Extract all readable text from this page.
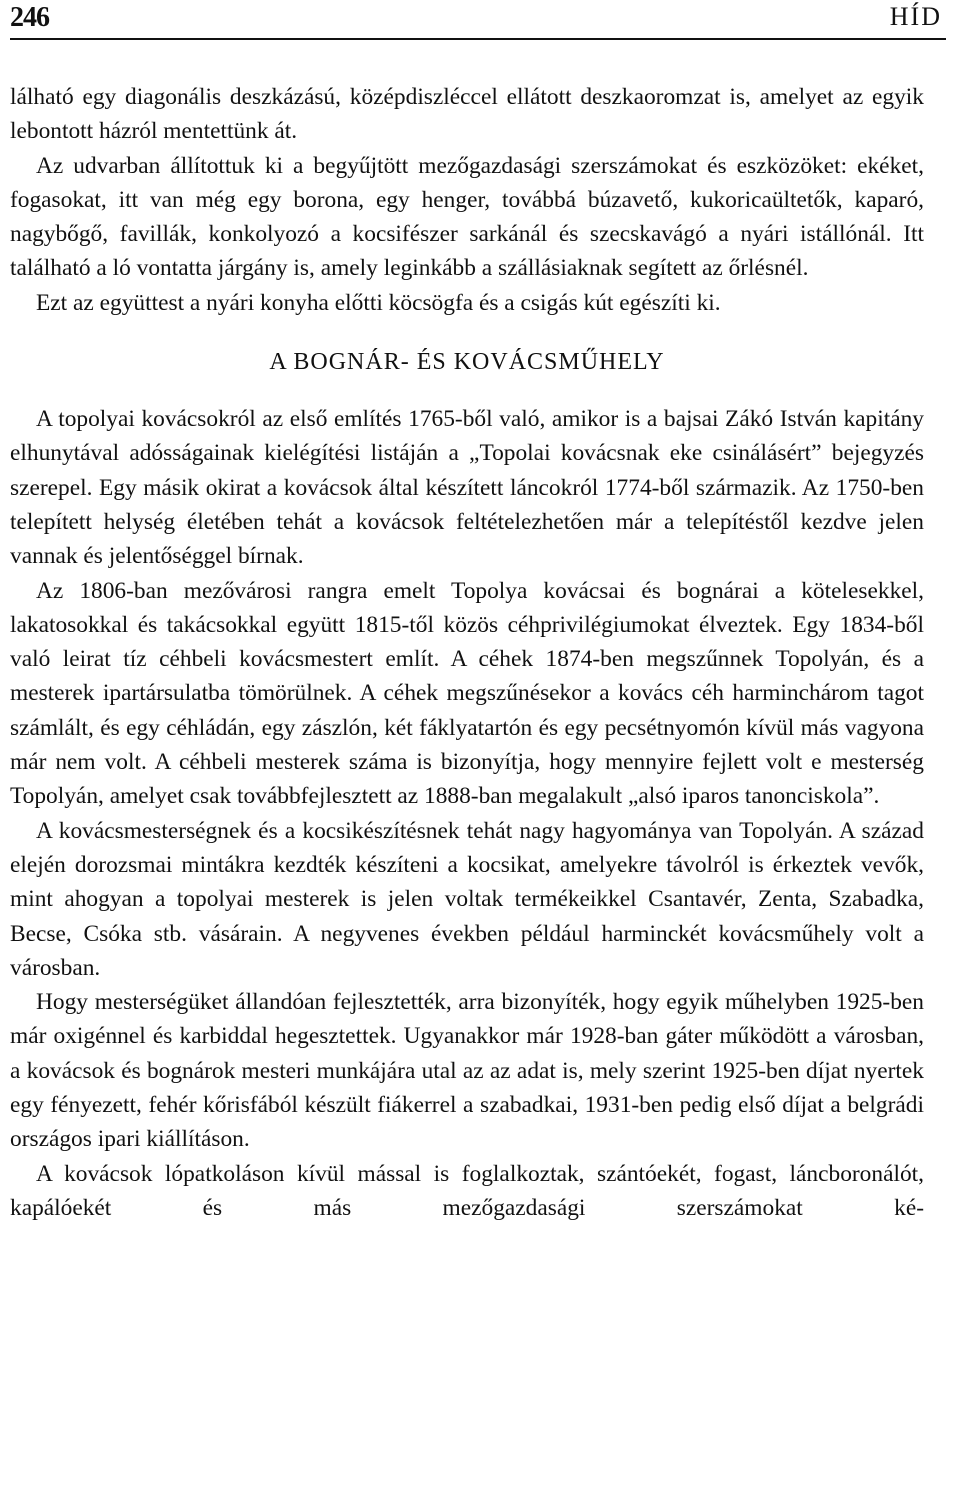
246	HÍD

lálható egy diagonális deszkázású, középdiszléccel ellátott deszkaoromzat is, amelyet az egyik lebontott házról mentettünk át.

Az udvarban állítottuk ki a begyűjtött mezőgazdasági szerszámokat és eszközöket: ekéket, fogasokat, itt van még egy borona, egy henger, továbbá búzavető, kukoricaültetők, kaparó, nagybőgő, favillák, konkolyozó a kocsifészer sarkánál és szecskavágó a nyári istállónál. Itt található a ló vontatta járgány is, amely leginkább a szállásiaknak segített az őrlésnél.

Ezt az együttest a nyári konyha előtti köcsögfa és a csigás kút egészíti ki.

A BOGNÁR- ÉS KOVÁCSMŰHELY

A topolyai kovácsokról az első említés 1765-ből való, amikor is a bajsai Zákó István kapitány elhunytával adósságainak kielégítési listáján a „Topolai kovácsnak eke csinálásért” bejegyzés szerepel. Egy másik okirat a kovácsok által készített láncokról 1774-ből származik. Az 1750-ben telepített helység életében tehát a kovácsok feltételezhetően már a telepítéstől kezdve jelen vannak és jelentőséggel bírnak.

Az 1806-ban mezővárosi rangra emelt Topolya kovácsai és bognárai a kötelesekkel, lakatosokkal és takácsokkal együtt 1815-től közös céhprivilégiumokat élveztek. Egy 1834-ből való leirat tíz céhbeli kovácsmestert említ. A céhek 1874-ben megszűnnek Topolyán, és a mesterek ipartársulatba tömörülnek. A céhek megszűnésekor a kovács céh harminchárom tagot számlált, és egy céhládán, egy zászlón, két fáklyatartón és egy pecsétnyomón kívül más vagyona már nem volt. A céhbeli mesterek száma is bizonyítja, hogy mennyire fejlett volt e mesterség Topolyán, amelyet csak továbbfejlesztett az 1888-ban megalakult „alsó iparos tanonciskola”.

A kovácsmesterségnek és a kocsikészítésnek tehát nagy hagyománya van Topolyán. A század elején dorozsmai mintákra kezdték készíteni a kocsikat, amelyekre távolról is érkeztek vevők, mint ahogyan a topolyai mesterek is jelen voltak termékeikkel Csantavér, Zenta, Szabadka, Becse, Csóka stb. vásárain. A negyvenes években például harminckét kovácsműhely volt a városban.

Hogy mesterségüket állandóan fejlesztették, arra bizonyíték, hogy egyik műhelyben 1925-ben már oxigénnel és karbiddal hegesztettek. Ugyanakkor már 1928-ban gáter működött a városban, a kovácsok és bognárok mesteri munkájára utal az az adat is, mely szerint 1925-ben díjat nyertek egy fényezett, fehér kőrisfából készült fiákerrel a szabadkai, 1931-ben pedig első díjat a belgrádi országos ipari kiállításon.

A kovácsok lópatkoláson kívül mással is foglalkoztak, szántóekét, fogast, láncboronálót, kapálóekét és más mezőgazdasági szerszámokat ké-
